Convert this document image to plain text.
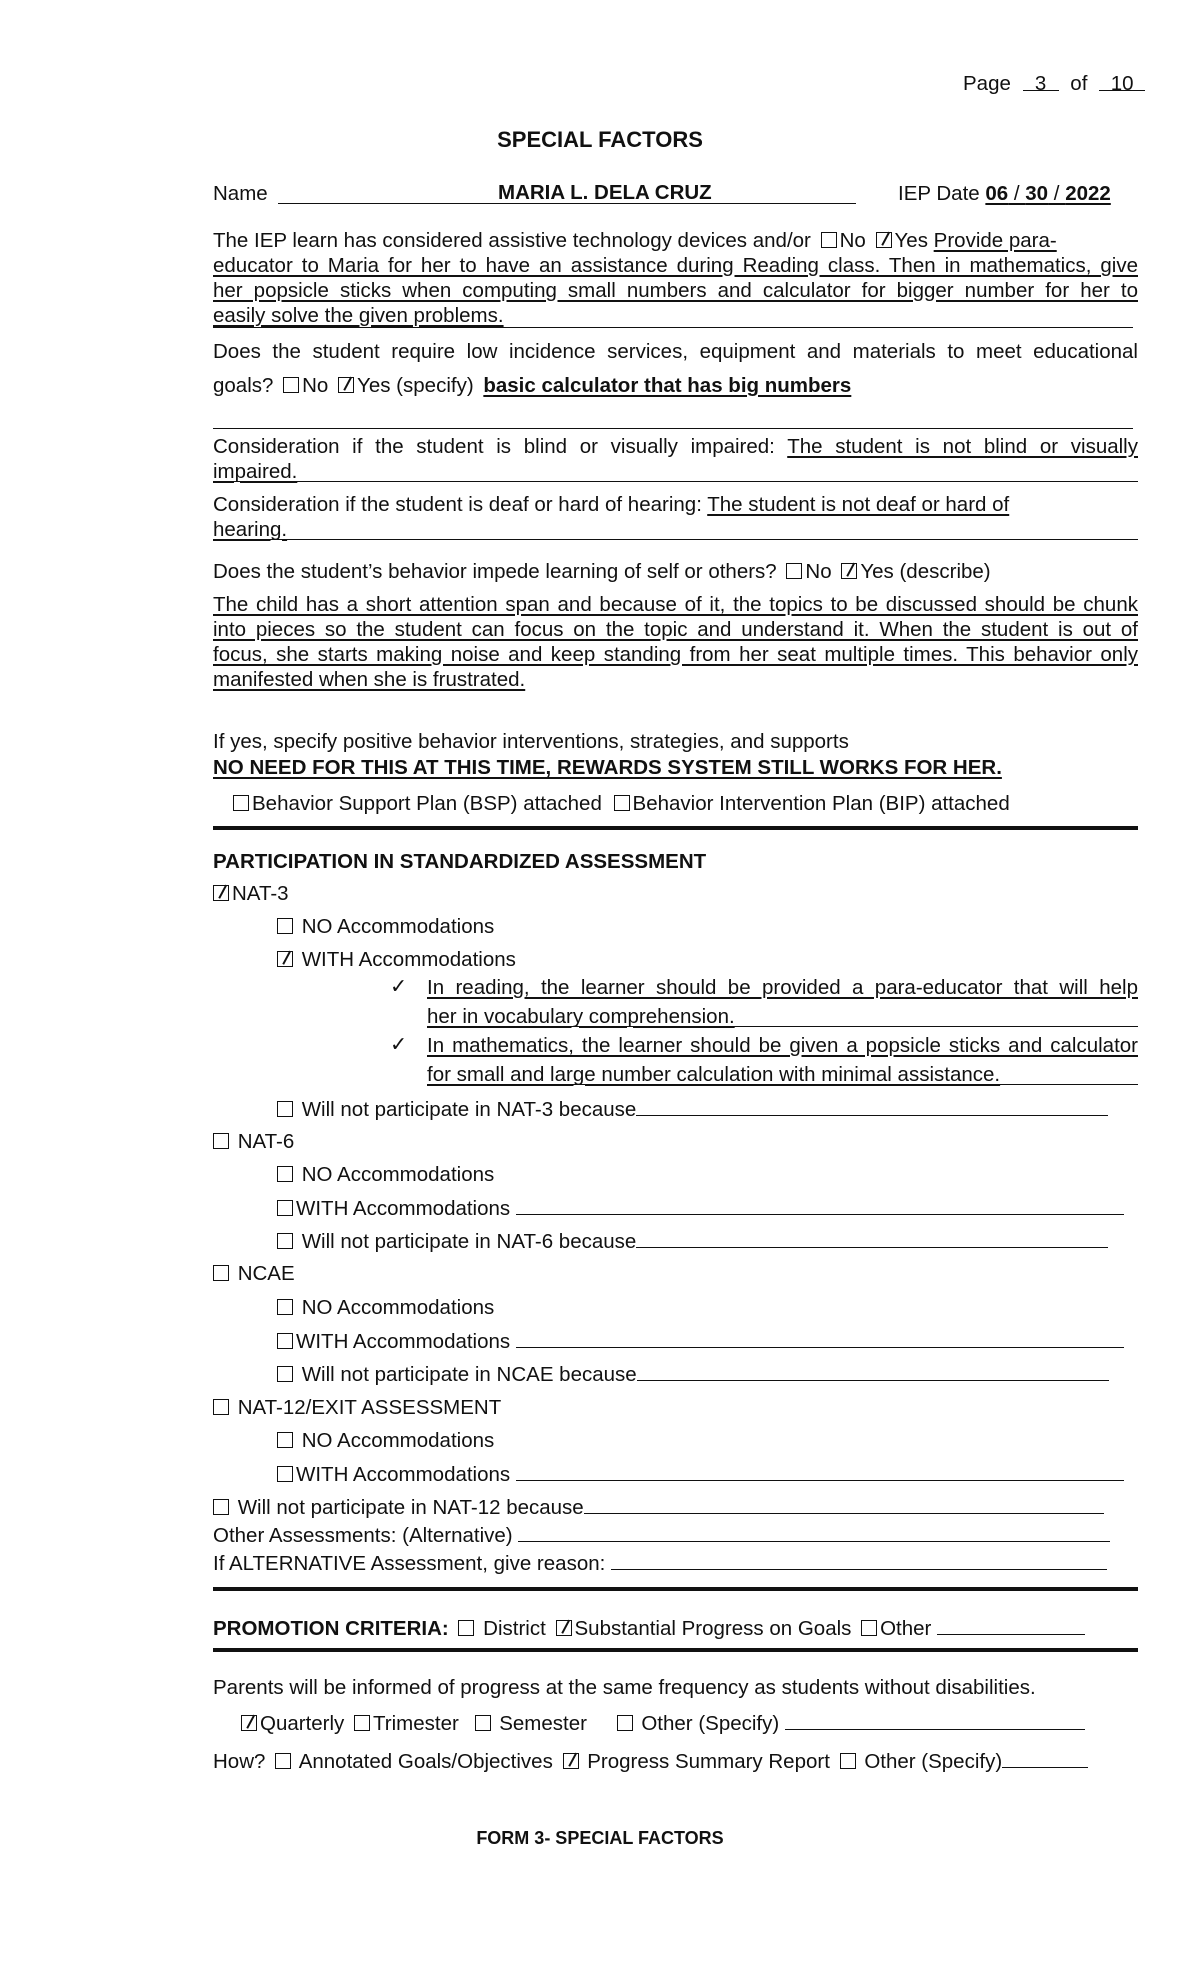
Page 3 of 10
SPECIAL FACTORS
Name	MARIA L. DELA CRUZ	IEP Date 06 / 30 / 2022
The IEP learn has considered assistive technology devices and/or No Yes Provide para-
educator to Maria for her to have an assistance during Reading class. Then in mathematics, give
her popsicle sticks when computing small numbers and calculator for bigger number for her to
easily solve the given problems.
Does the student require low incidence services, equipment and materials to meet educational
goals? No Yes (specify) basic calculator that has big numbers
Consideration if the student is blind or visually impaired: The student is not blind or visually
impaired.
Consideration if the student is deaf or hard of hearing: The student is not deaf or hard of
hearing.
Does the student’s behavior impede learning of self or others? No Yes (describe)
The child has a short attention span and because of it, the topics to be discussed should be chunk
into pieces so the student can focus on the topic and understand it. When the student is out of
focus, she starts making noise and keep standing from her seat multiple times. This behavior only
manifested when she is frustrated.
If yes, specify positive behavior interventions, strategies, and supports
NO NEED FOR THIS AT THIS TIME, REWARDS SYSTEM STILL WORKS FOR HER.
Behavior Support Plan (BSP) attached Behavior Intervention Plan (BIP) attached
PARTICIPATION IN STANDARDIZED ASSESSMENT
NAT-3
NO Accommodations
WITH Accommodations
✓ In reading, the learner should be provided a para-educator that will help
her in vocabulary comprehension.
✓ In mathematics, the learner should be given a popsicle sticks and calculator
for small and large number calculation with minimal assistance.
Will not participate in NAT-3 because
NAT-6
NO Accommodations
WITH Accommodations
Will not participate in NAT-6 because
NCAE
NO Accommodations
WITH Accommodations
Will not participate in NCAE because
NAT-12/EXIT ASSESSMENT
NO Accommodations
WITH Accommodations
Will not participate in NAT-12 because
Other Assessments: (Alternative)
If ALTERNATIVE Assessment, give reason:
PROMOTION CRITERIA: District Substantial Progress on Goals Other
Parents will be informed of progress at the same frequency as students without disabilities.
Quarterly Trimester Semester	Other (Specify)
How? Annotated Goals/Objectives Progress Summary Report Other (Specify)
FORM 3- SPECIAL FACTORS
